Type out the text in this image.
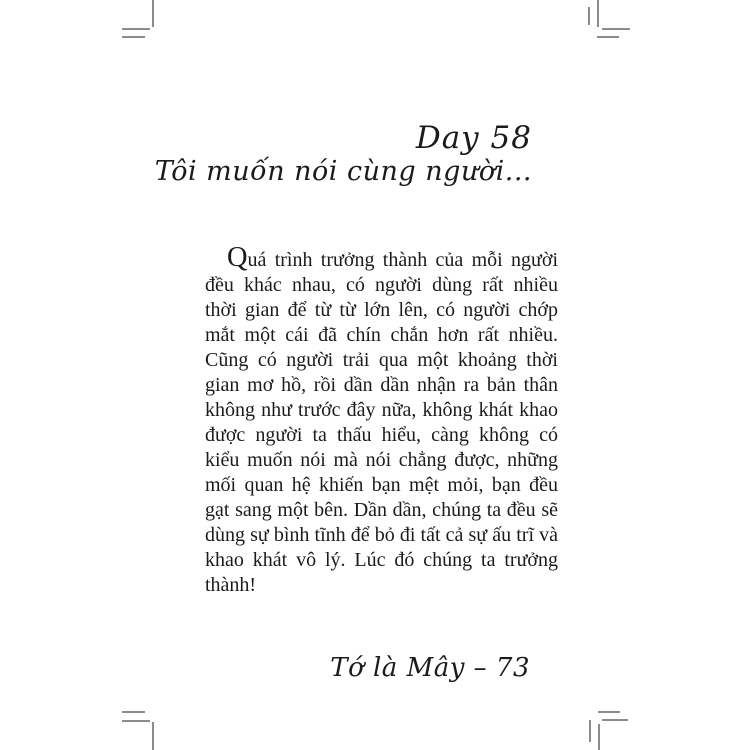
Day 58
Tôi muốn nói cùng người...

Quá trình trưởng thành của mỗi người đều khác nhau, có người dùng rất nhiều thời gian để từ từ lớn lên, có người chớp mắt một cái đã chín chắn hơn rất nhiều. Cũng có người trải qua một khoảng thời gian mơ hồ, rồi dần dần nhận ra bản thân không như trước đây nữa, không khát khao được người ta thấu hiểu, càng không có kiểu muốn nói mà nói chẳng được, những mối quan hệ khiến bạn mệt mỏi, bạn đều gạt sang một bên. Dần dần, chúng ta đều sẽ dùng sự bình tĩnh để bỏ đi tất cả sự ấu trĩ và khao khát vô lý. Lúc đó chúng ta trưởng thành!

Tớ là Mây – 73
